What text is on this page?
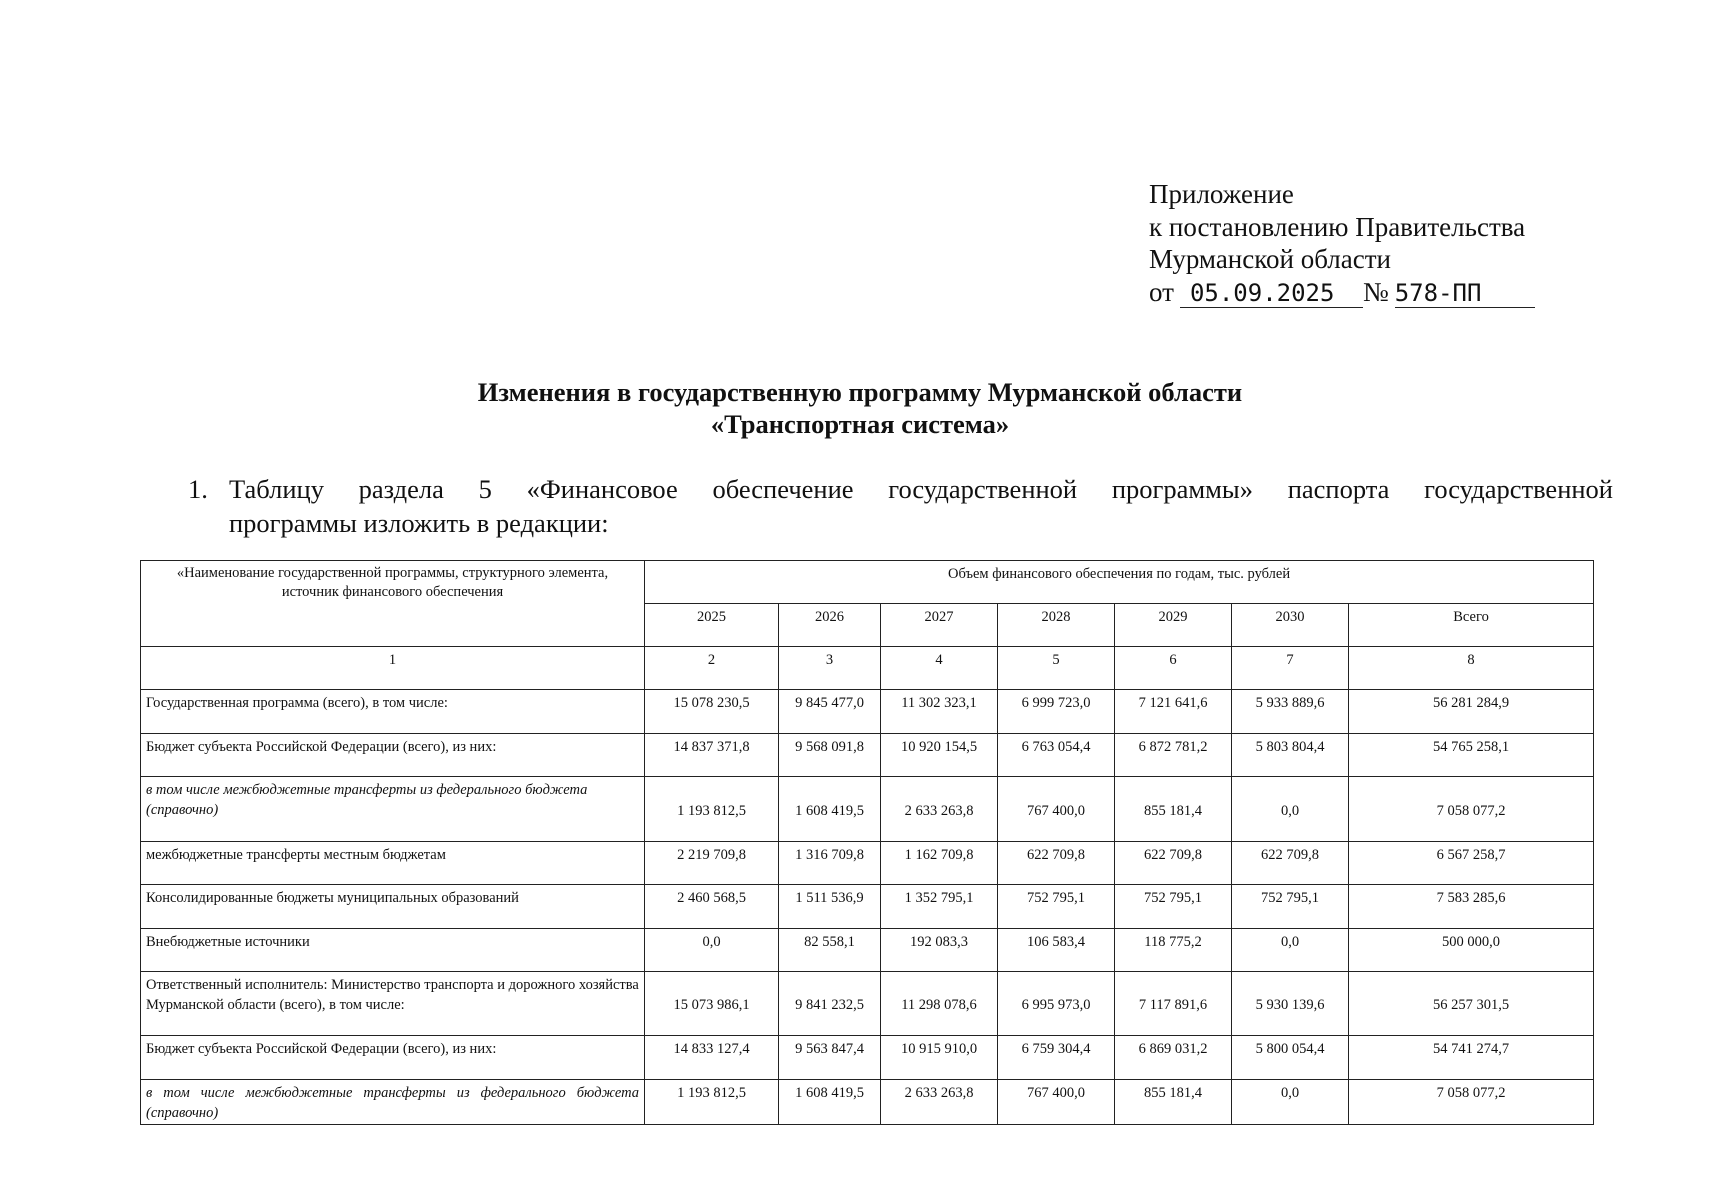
Приложение
к постановлению Правительства
Мурманской области
от 05.09.2025 № 578-ПП
Изменения в государственную программу Мурманской области
«Транспортная система»
1. Таблицу раздела 5 «Финансовое обеспечение государственной программы» паспорта государственной
программы изложить в редакции:
«Наименование государственной программы, структурного элемента,
источник финансового обеспечения	Объем финансового обеспечения по годам, тыс. рублей						
	2025	2026	2027	2028	2029	2030	Всего
1	2	3	4	5	6	7	8
Государственная программа (всего), в том числе:	15 078 230,5	9 845 477,0	11 302 323,1	6 999 723,0	7 121 641,6	5 933 889,6	56 281 284,9
Бюджет субъекта Российской Федерации (всего), из них:	14 837 371,8	9 568 091,8	10 920 154,5	6 763 054,4	6 872 781,2	5 803 804,4	54 765 258,1
в том числе межбюджетные трансферты из федерального бюджета (справочно)	1 193 812,5	1 608 419,5	2 633 263,8	767 400,0	855 181,4	0,0	7 058 077,2
межбюджетные трансферты местным бюджетам	2 219 709,8	1 316 709,8	1 162 709,8	622 709,8	622 709,8	622 709,8	6 567 258,7
Консолидированные бюджеты муниципальных образований	2 460 568,5	1 511 536,9	1 352 795,1	752 795,1	752 795,1	752 795,1	7 583 285,6
Внебюджетные источники	0,0	82 558,1	192 083,3	106 583,4	118 775,2	0,0	500 000,0
Ответственный исполнитель: Министерство транспорта и дорожного хозяйства Мурманской области (всего), в том числе:	15 073 986,1	9 841 232,5	11 298 078,6	6 995 973,0	7 117 891,6	5 930 139,6	56 257 301,5
Бюджет субъекта Российской Федерации (всего), из них:	14 833 127,4	9 563 847,4	10 915 910,0	6 759 304,4	6 869 031,2	5 800 054,4	54 741 274,7
в том числе межбюджетные трансферты из федерального бюджета (справочно)	1 193 812,5	1 608 419,5	2 633 263,8	767 400,0	855 181,4	0,0	7 058 077,2
